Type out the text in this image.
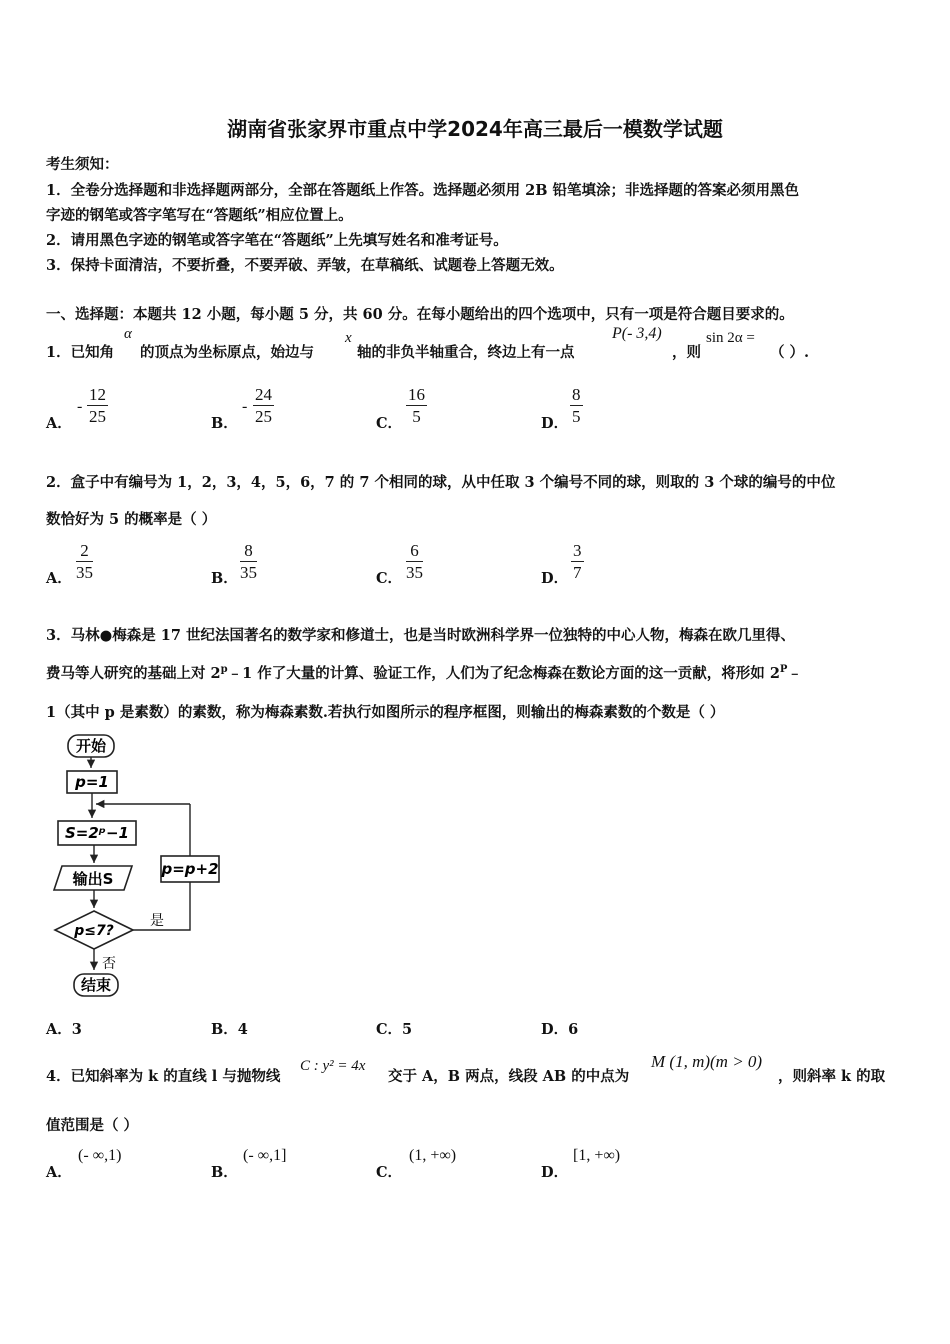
湖南省张家界市重点中学2024年高三最后一模数学试题
考生须知：
1．全卷分选择题和非选择题两部分，全部在答题纸上作答。选择题必须用 2B 铅笔填涂；非选择题的答案必须用黑色
字迹的钢笔或答字笔写在“答题纸”相应位置上。
2．请用黑色字迹的钢笔或答字笔在“答题纸”上先填写姓名和准考证号。
3．保持卡面清洁，不要折叠，不要弄破、弄皱，在草稿纸、试题卷上答题无效。
一、选择题：本题共 12 小题，每小题 5 分，共 60 分。在每小题给出的四个选项中，只有一项是符合题目要求的。
1．已知角
α
的顶点为坐标原点，始边与
x
轴的非负半轴重合，终边上有一点
P(- 3,4)
，则
sin 2α =
（ ）.
A．
- $\frac{12}{25}$	B．
- $\frac{24}{25}$	C． $\frac{16}{5}$	D． $\frac{8}{5}$
2．盒子中有编号为 1，2，3，4，5，6，7 的 7 个相同的球，从中任取 3 个编号不同的球，则取的 3 个球的编号的中位
数恰好为 5 的概率是（ ）
A． $\frac{2}{35}$	B． $\frac{8}{35}$	C． $\frac{6}{35}$	D． $\frac{3}{7}$
3．马林●梅森是 17 世纪法国著名的数学家和修道士，也是当时欧洲科学界一位独特的中心人物，梅森在欧几里得、
费马等人研究的基础上对 2$^p$﹣1 作了大量的计算、验证工作，人们为了纪念梅森在数论方面的这一贡献，将形如 $2^P﹣$
1（其中 p 是素数）的素数，称为梅森素数.若执行如图所示的程序框图，则输出的梅森素数的个数是（ ）
开始
p=1
S=2ᵖ−1
输出S
p≤7?
是
p=p+2
否
结束
A．3	B．4	C．5	D．6
4．已知斜率为 k 的直线 l 与抛物线
C : y² = 4x
交于 A，B 两点，线段 AB 的中点为
M (1, m)(m > 0)
，则斜率 k 的取
值范围是（ ）
A．
(- ∞,1)
B．
(- ∞,1]
C．
(1, +∞)
D．
[1, +∞)
